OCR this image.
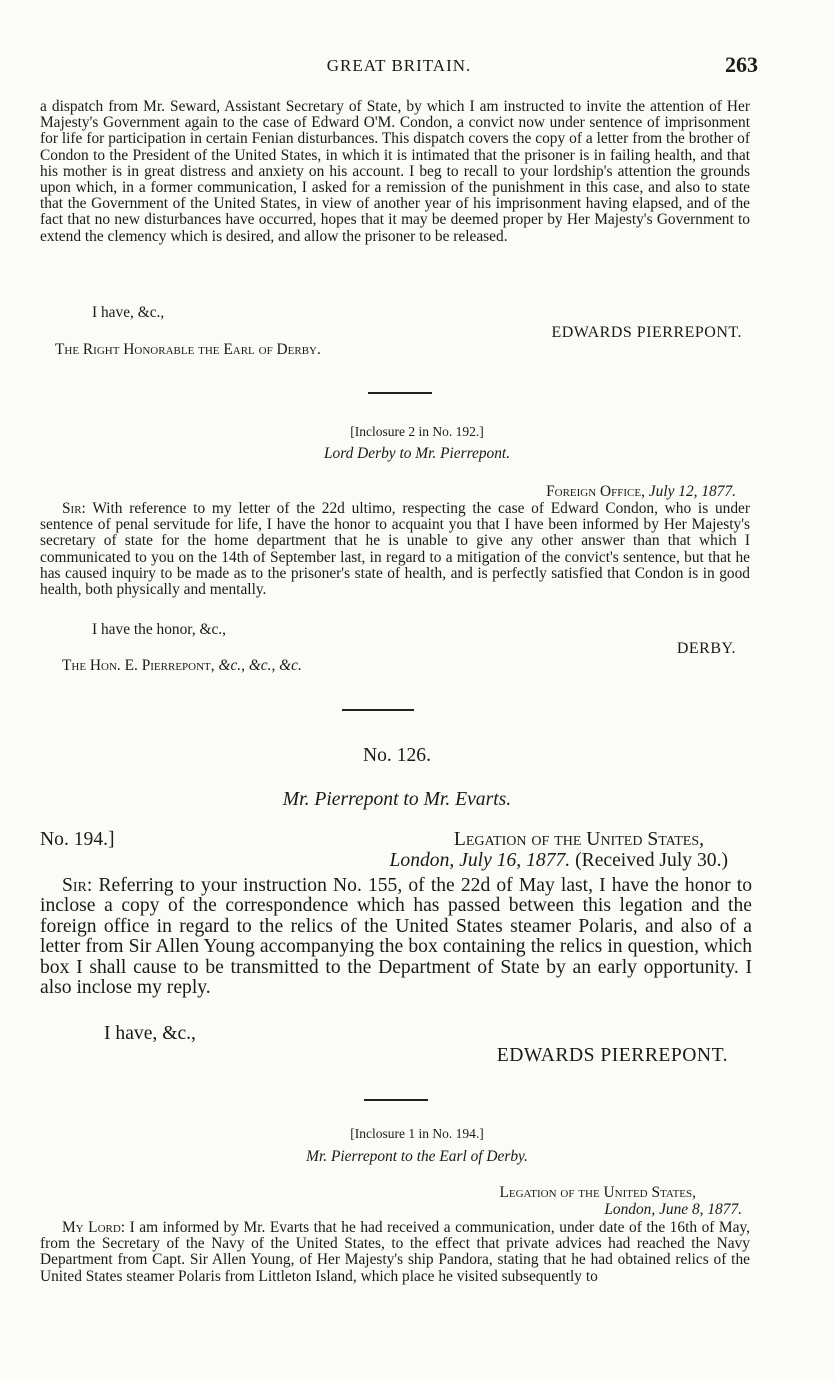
GREAT BRITAIN.	263

a dispatch from Mr. Seward, Assistant Secretary of State, by which I am instructed to invite the attention of Her Majesty's Government again to the case of Edward O'M. Condon, a convict now under sentence of imprisonment for life for participation in certain Fenian disturbances. This dispatch covers the copy of a letter from the brother of Condon to the President of the United States, in which it is intimated that the prisoner is in failing health, and that his mother is in great distress and anxiety on his account. I beg to recall to your lordship's attention the grounds upon which, in a former communication, I asked for a remission of the punishment in this case, and also to state that the Government of the United States, in view of another year of his imprisonment having elapsed, and of the fact that no new disturbances have occurred, hopes that it may be deemed proper by Her Majesty's Government to extend the clemency which is desired, and allow the prisoner to be released.

I have, &c.,

EDWARDS PIERREPONT.

The Right Honorable the Earl of Derby.

[Inclosure 2 in No. 192.]

Lord Derby to Mr. Pierrepont.

Foreign Office, July 12, 1877.

Sir: With reference to my letter of the 22d ultimo, respecting the case of Edward Condon, who is under sentence of penal servitude for life, I have the honor to acquaint you that I have been informed by Her Majesty's secretary of state for the home department that he is unable to give any other answer than that which I communicated to you on the 14th of September last, in regard to a mitigation of the convict's sentence, but that he has caused inquiry to be made as to the prisoner's state of health, and is perfectly satisfied that Condon is in good health, both physically and mentally.

I have the honor, &c.,

DERBY.

The Hon. E. Pierrepont, &c., &c., &c.

No. 126.

Mr. Pierrepont to Mr. Evarts.

No. 194.]	Legation of the United States,

London, July 16, 1877. (Received July 30.)

Sir: Referring to your instruction No. 155, of the 22d of May last, I have the honor to inclose a copy of the correspondence which has passed between this legation and the foreign office in regard to the relics of the United States steamer Polaris, and also of a letter from Sir Allen Young accompanying the box containing the relics in question, which box I shall cause to be transmitted to the Department of State by an early opportunity. I also inclose my reply.

I have, &c.,

EDWARDS PIERREPONT.

[Inclosure 1 in No. 194.]

Mr. Pierrepont to the Earl of Derby.

Legation of the United States,

London, June 8, 1877.

My Lord: I am informed by Mr. Evarts that he had received a communication, under date of the 16th of May, from the Secretary of the Navy of the United States, to the effect that private advices had reached the Navy Department from Capt. Sir Allen Young, of Her Majesty's ship Pandora, stating that he had obtained relics of the United States steamer Polaris from Littleton Island, which place he visited subsequently to
